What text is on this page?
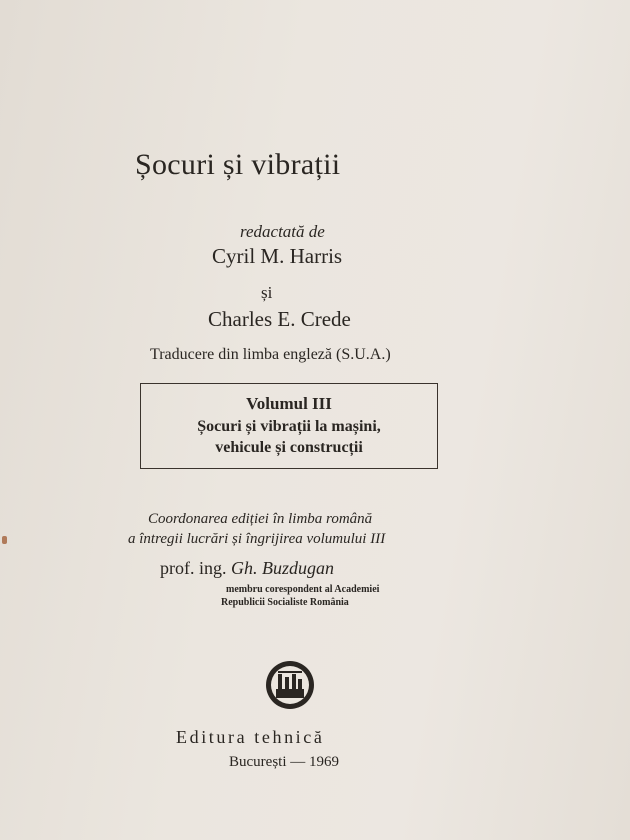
Șocuri și vibrații
redactată de
Cyril M. Harris
și
Charles E. Crede
Traducere din limba engleză (S.U.A.)
Volumul III
Șocuri și vibrații la mașini,
vehicule și construcții
Coordonarea ediției în limba română
a întregii lucrări și îngrijirea volumului III
prof. ing. Gh. Buzdugan
membru corespondent al Academiei
Republicii Socialiste România
Editura tehnică
București — 1969
